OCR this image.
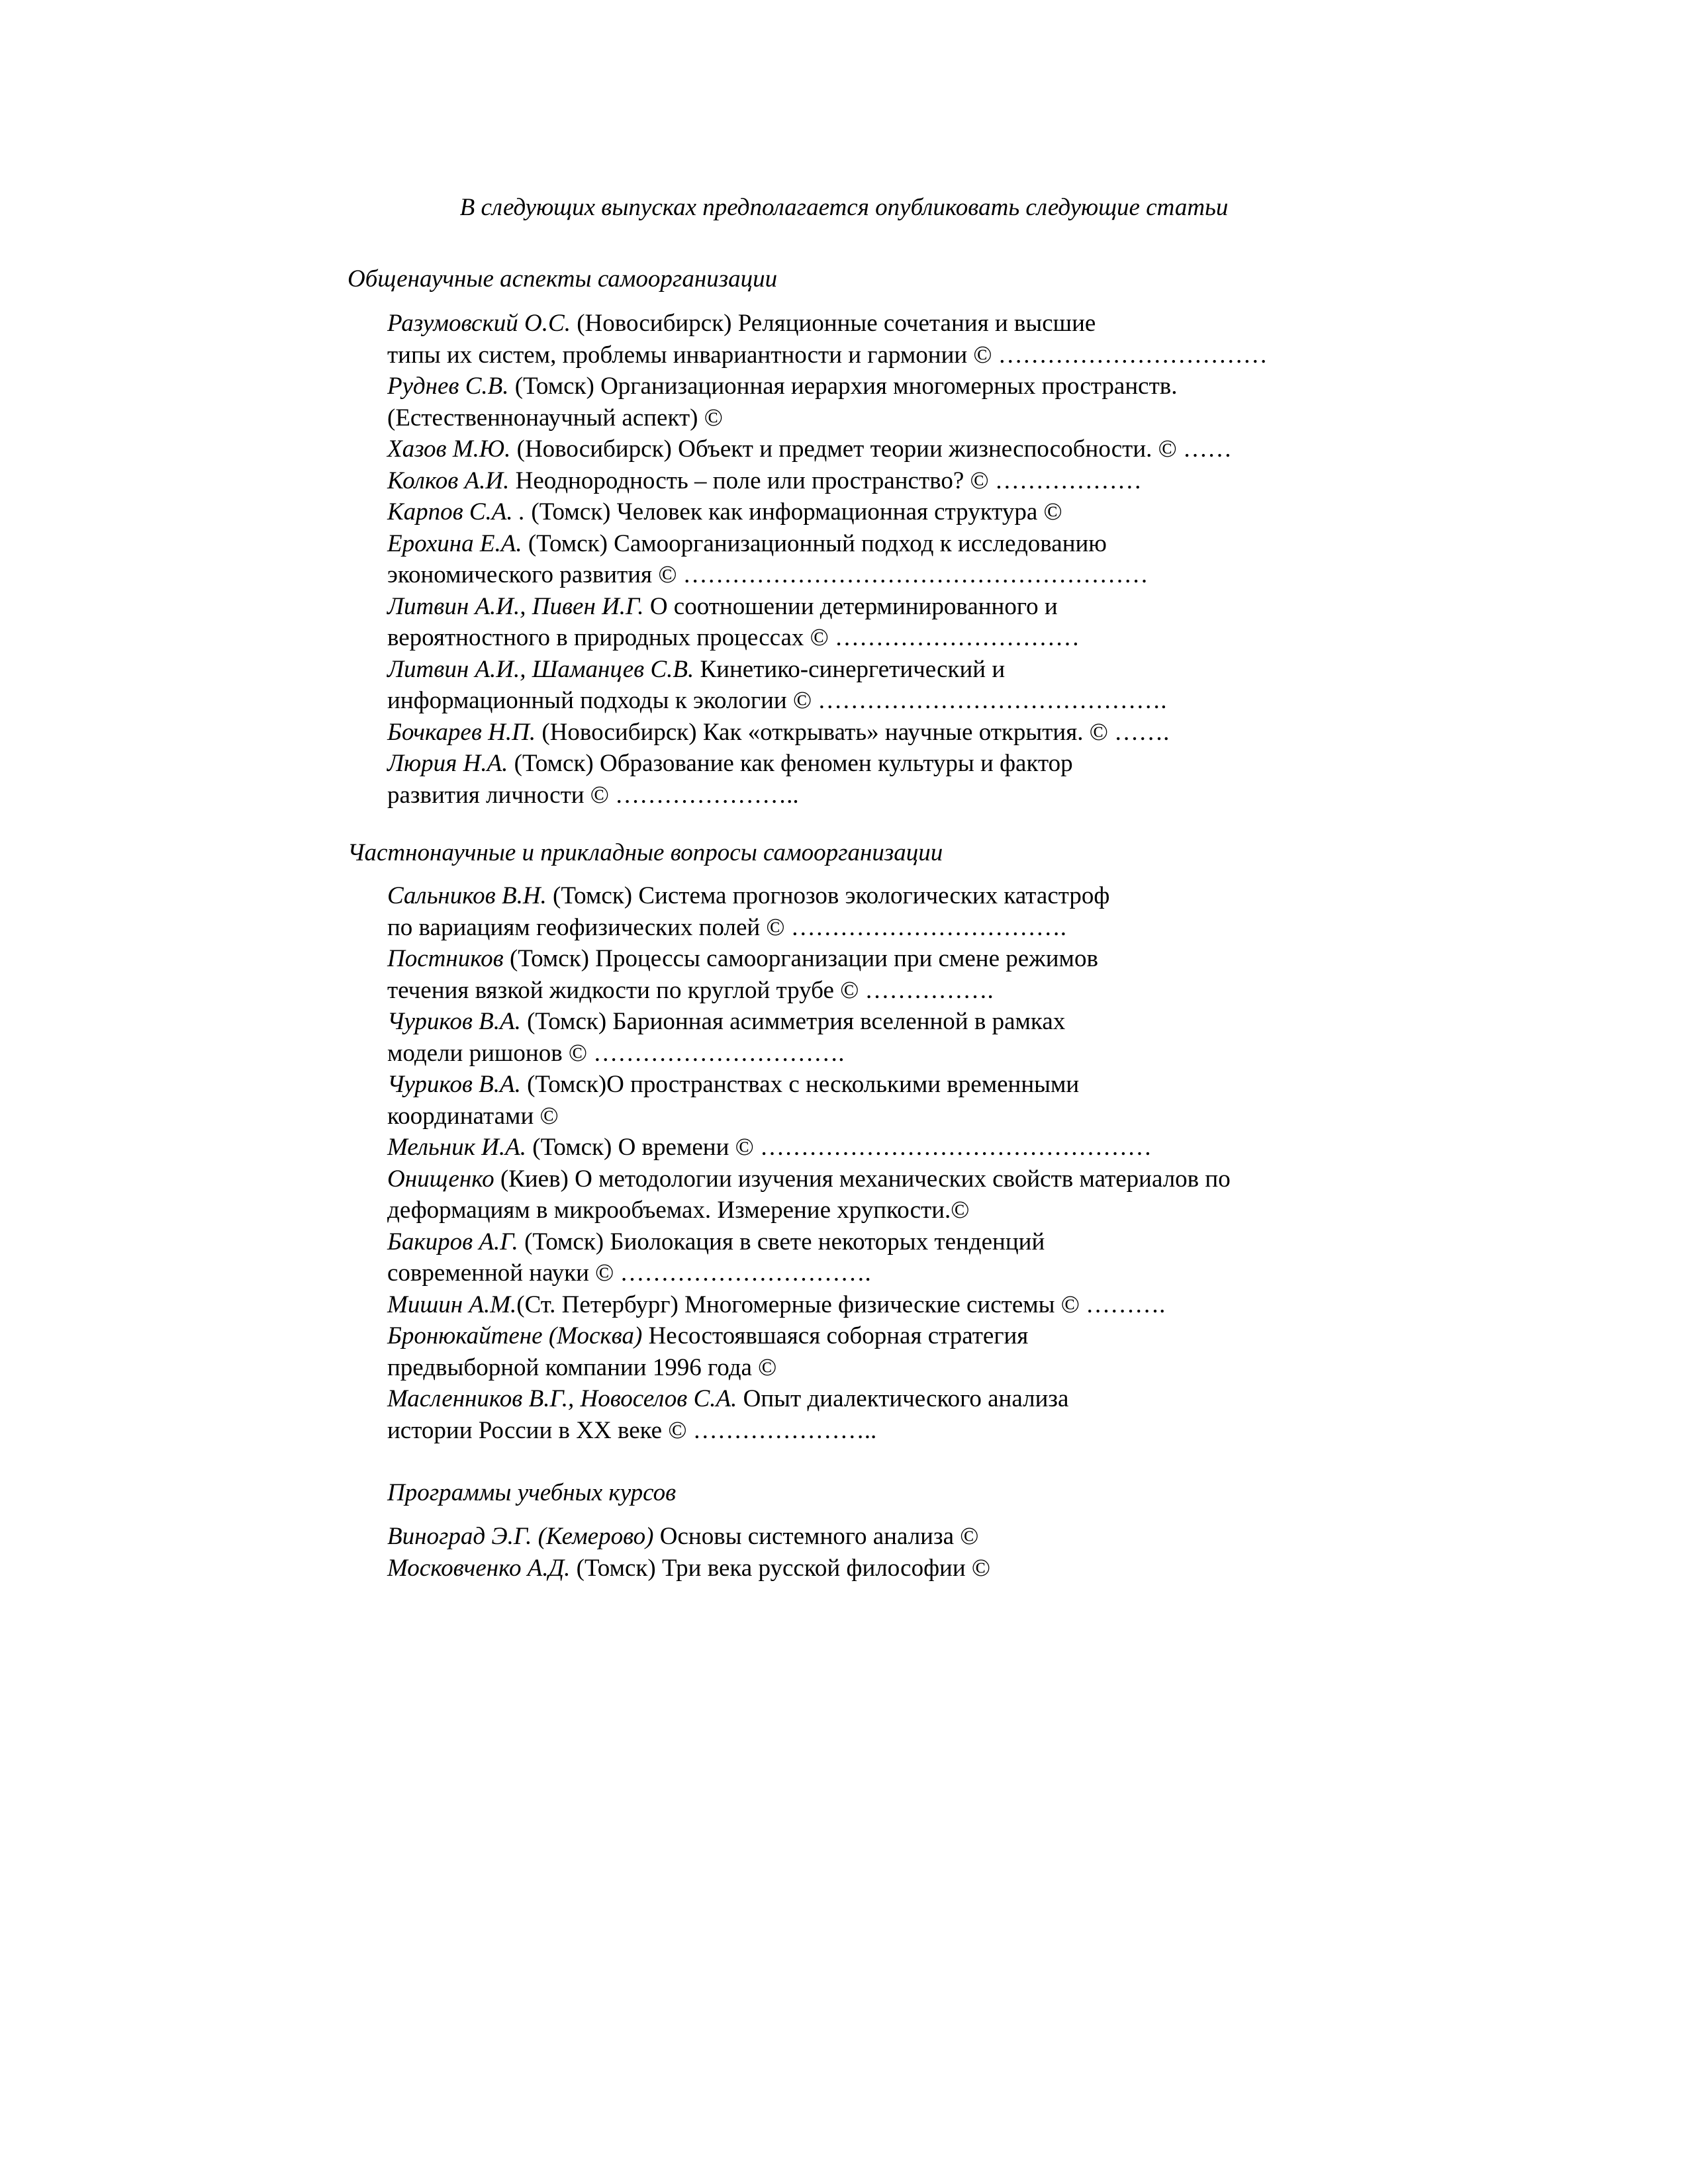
В следующих выпусках предполагается опубликовать следующие статьи
Общенаучные аспекты самоорганизации
Разумовский О.С. (Новосибирск) Реляционные сочетания и высшие
типы их систем, проблемы инвариантности и гармонии © ……………………………
Руднев С.В. (Томск) Организационная иерархия многомерных пространств.
(Естественнонаучный аспект) ©
Хазов М.Ю. (Новосибирск) Объект и предмет теории жизнеспособности. © ……
Колков А.И. Неоднородность – поле или пространство? © ………………
Карпов С.А. . (Томск) Человек как информационная структура ©
Ерохина Е.А. (Томск) Самоорганизационный подход к исследованию
экономического развития © …………………………………………………
Литвин А.И., Пивен И.Г. О соотношении детерминированного и
вероятностного в природных процессах © …………………………
Литвин А.И., Шаманцев С.В. Кинетико-синергетический и
информационный подходы к экологии © …………………………………….
Бочкарев Н.П. (Новосибирск) Как «открывать» научные открытия. © …….
Люрия Н.А. (Томск) Образование как феномен культуры и фактор
развития личности © …………………..
Частнонаучные и прикладные вопросы самоорганизации
Сальников В.Н. (Томск) Система прогнозов экологических катастроф
по вариациям геофизических полей © …………………………….
Постников (Томск) Процессы самоорганизации при смене режимов
течения вязкой жидкости по круглой трубе © …………….
Чуриков В.А. (Томск) Барионная асимметрия вселенной в рамках
модели ришонов © ………………………….
Чуриков В.А. (Томск)О пространствах с несколькими временными
координатами ©
Мельник И.А. (Томск) О времени © …………………………………………
Онищенко (Киев) О методологии изучения механических свойств материалов по
деформациям в микрообъемах. Измерение хрупкости.©
Бакиров А.Г. (Томск) Биолокация в свете некоторых тенденций
современной науки © ………………………….
Мишин А.М.(Ст. Петербург) Многомерные физические системы © ……….
Бронюкайтене (Москва) Несостоявшаяся соборная стратегия
предвыборной компании 1996 года ©
Масленников В.Г., Новоселов С.А. Опыт диалектического анализа
истории России в XX веке © …………………..
Программы учебных курсов
Виноград Э.Г. (Кемерово) Основы системного анализа ©
Московченко А.Д. (Томск) Три века русской философии ©
